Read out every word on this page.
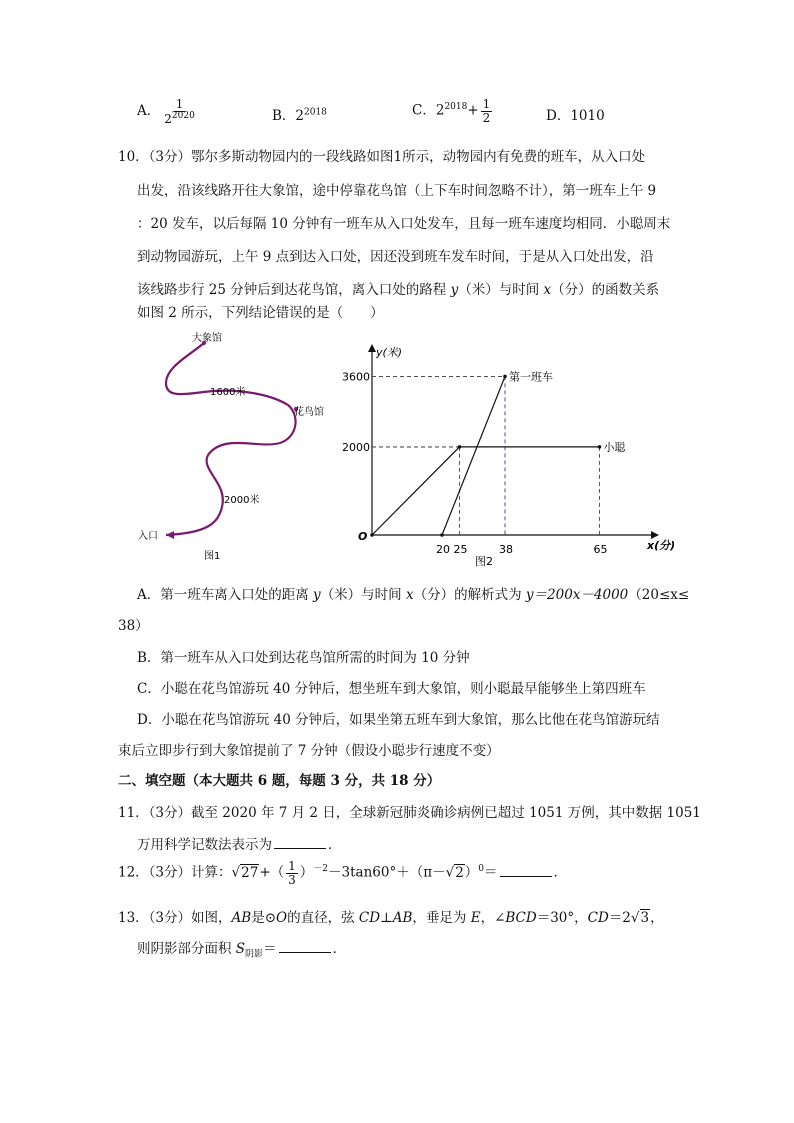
A． $\frac{1}{2^{2020}}$	B．$2^{2018}$	C．$2^{2018}+ \frac{1}{2}$	D．1010
10．（3分）鄂尔多斯动物园内的一段线路如图1所示，动物园内有免费的班车，从入口处
出发，沿该线路开往大象馆，途中停靠花鸟馆（上下车时间忽略不计），第一班车上午 9
：20 发车，以后每隔 10 分钟有一班车从入口处发车，且每一班车速度均相同．小聪周末
到动物园游玩，上午 9 点到达入口处，因还没到班车发车时间，于是从入口处出发，沿
该线路步行 25 分钟后到达花鸟馆，离入口处的路程 y（米）与时间 x（分）的函数关系
如图 2 所示，下列结论错误的是（　　）
大象馆
1600米
花鸟馆
2000米
入口
图1
y(米)
x(分)
O
小聪
第一班车
20 25	38	65
2000
3600
图2
A．第一班车离入口处的距离 y（米）与时间 x（分）的解析式为 y＝200x－4000（20≤x≤
38）
B．第一班车从入口处到达花鸟馆所需的时间为 10 分钟
C．小聪在花鸟馆游玩 40 分钟后，想坐班车到大象馆，则小聪最早能够坐上第四班车
D．小聪在花鸟馆游玩 40 分钟后，如果坐第五班车到大象馆，那么比他在花鸟馆游玩结
束后立即步行到大象馆提前了 7 分钟（假设小聪步行速度不变）
二、填空题（本大题共 6 题，每题 3 分，共 18 分）
11．（3分）截至 2020 年 7 月 2 日，全球新冠肺炎确诊病例已超过 1051 万例，其中数据 1051
万用科学记数法表示为	．
12．（3分）计算：$√27+( \frac{1}{3} )^{-2}-3\tan 60^\circ+(\pi-√2)^0=$	．
13．（3分）如图，AB是⊙O的直径，弦 CD⊥AB，垂足为 E，∠BCD＝30°，CD＝2√3，
则阴影部分面积 $S_{阴影}=$	．
